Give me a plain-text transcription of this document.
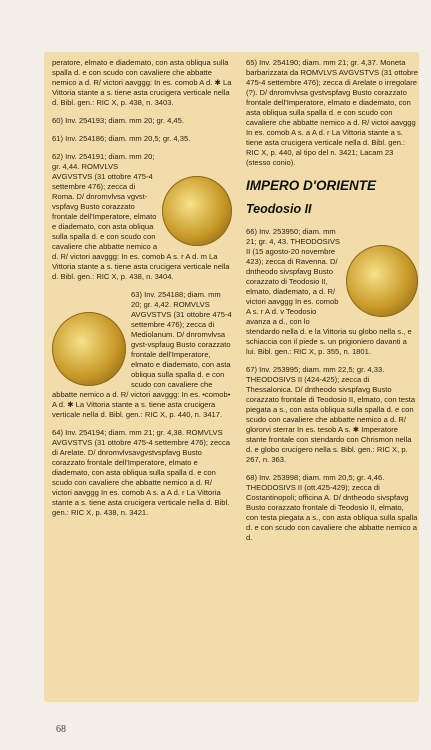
peratore, elmato e diademato, con asta obliqua sulla spalla d. e con scudo con cavaliere che abbatte nemico a d. R/ victori aavggg: In es. comob A d. ✱ La Vittoria stante a s. tiene asta crucigera verticale nella d. Bibl. gen.: RIC X, p. 438, n. 3403.

60) Inv. 254193; diam. mm 20; gr. 4,45.

61) Inv. 254186; diam. mm 20,5; gr. 4,35.

62) Inv. 254191; diam. mm 20; gr. 4,44. ROMVLVS AVGVSTVS (31 ottobre 475-4 settembre 476); zecca di Roma. D/ dnromvlvsa vgvst-vspfavg Busto corazzato frontale dell'Imperatore, elmato e diademato, con asta obliqua sulla spalla d. e con scudo con cavaliere che abbatte nemico a d. R/ victori aavggg: In es. comob A s. r A d. m La Vittoria stante a s. tiene asta crucigera verticale nella d. Bibl. gen.: RIC X, p. 438, n. 3404.

63) Inv. 254188; diam. mm 20; gr. 4,42. ROMVLVS AVGVSTVS (31 ottobre 475-4 settembre 476); zecca di Mediolanum. D/ dnromvlvsa gvst-vspfaug Busto corazzato frontale dell'Imperatore, elmato e diademato, con asta obliqua sulla spalla d. e con scudo con cavaliere che abbatte nemico a d. R/ victori aavggg: In es. •comob• A d. ✱ La Vittoria stante a s. tiene asta crucigera verticale nella d. Bibl. gen.: RIC X, p. 440, n. 3417.

64) Inv. 254194; diam. mm 21; gr. 4,38. ROMVLVS AVGVSTVS (31 ottobre 475-4 settembre 476); zecca di Arelate. D/ dnromvlvsavgvstvspfavg Busto corazzato frontale dell'Imperatore, elmato e diademato, con asta obliqua sulla spalla d. e con scudo con cavaliere che abbatte nemico a d. R/ victori aavggg In es. comob A s. a A d. r La Vittoria stante a s. tiene asta crucigera verticale nella d. Bibl. gen.: RIC X, p. 438, n. 3421.

65) Inv. 254190; diam. mm 21; gr. 4,37. Moneta barbarizzata da ROMVLVS AVGVSTVS (31 ottobre 475-4 settembre 476); zecca di Arelate o irregolare (?). D/ dnromvlvsa gvstvspfavg Busto corazzato frontale dell'Imperatore, elmato e diademato, con asta obliqua sulla spalla d. e con scudo con cavaliere che abbatte nemico a d. R/ victoi aavggg In es. comob A s. a A d. r La Vittoria stante a s. tiene asta crucigera verticale nella d. Bibl. gen.: RIC X, p. 440, al tipo del n. 3421; Lacam 23 (stesso conio).

IMPERO D'ORIENTE
Teodosio II

66) Inv. 253950; diam. mm 21; gr. 4, 43. THEODOSIVS II (15 agosto-20 novembre 423); zecca di Ravenna. D/ dntheodo sivspfavg Busto corazzato di Teodosio II, elmato, diademato, a d. R/ victori aavggg In es. comob A s. r A d. v Teodosio avanza a d., con lo stendardo nella d. e la Vittoria su globo nella s., e schiaccia con il piede s. un prigioniero davanti a lui. Bibl. gen.: RIC X, p. 355, n. 1801.

67) Inv. 253995; diam. mm 22,5; gr. 4,33. THEODOSIVS II (424-425); zecca di Thessalonica. D/ dntheodo sivspfavg Busto corazzato frontale di Teodosio II, elmato, con testa piegata a s., con asta obliqua sulla spalla d. e con scudo con cavaliere che abbatte nemico a d. R/ glororvi sterrar In es. tesob A s. ✱ Imperatore stante frontale con stendardo con Chrismon nella d. e globo crucigero nella s. Bibl. gen.: RIC X, p. 267, n. 363.

68) Inv. 253998; diam. mm 20,5; gr. 4,46. THEODOSIVS II (ott.425-429); zecca di Costantinopoli; officina A. D/ dntheodo sivspfavg Busto corazzato frontale di Teodosio II, elmato, con testa piegata a s., con asta obliqua sulla spalla d. e con scudo con cavaliere che abbatte nemico a d.

68
